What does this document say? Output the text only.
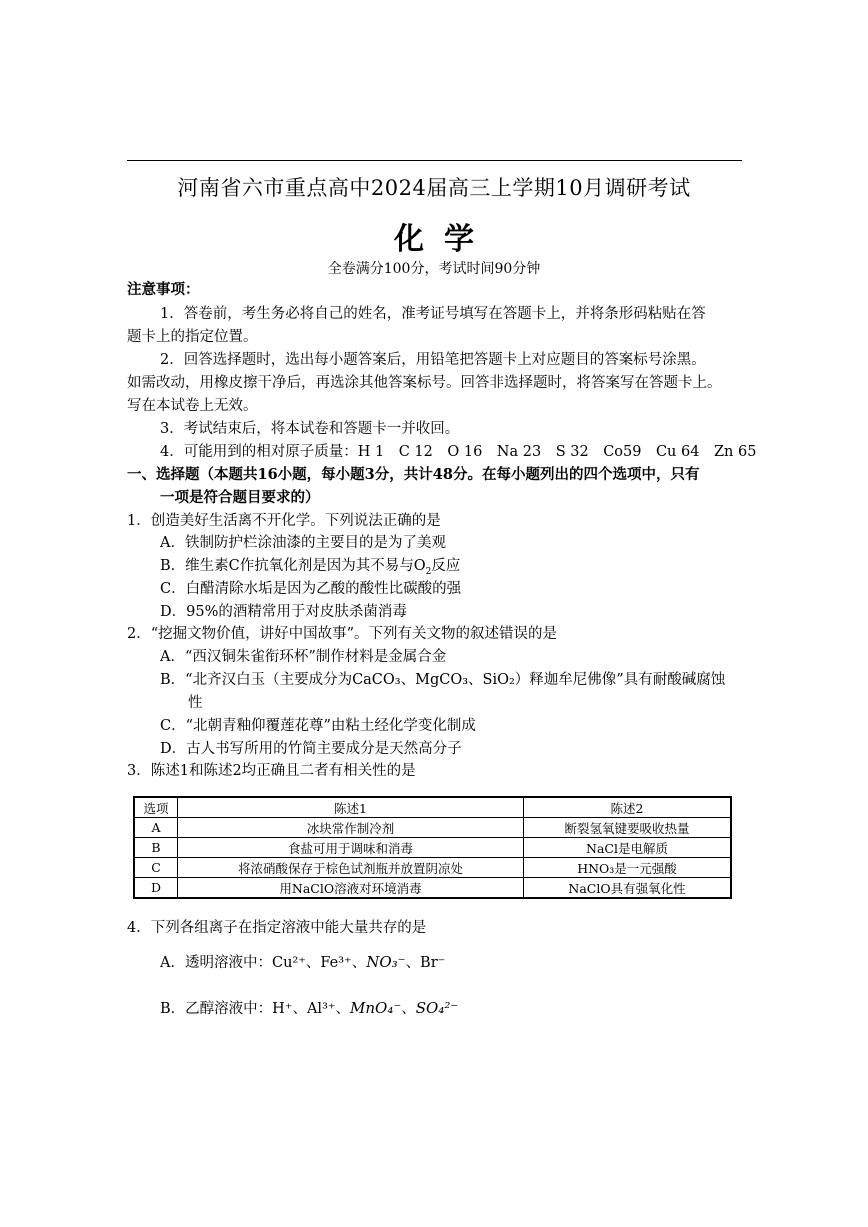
河南省六市重点高中2024届高三上学期10月调研考试
化学
全卷满分100分，考试时间90分钟
注意事项：
1．答卷前，考生务必将自己的姓名，准考证号填写在答题卡上，并将条形码粘贴在答
题卡上的指定位置。
2．回答选择题时，选出每小题答案后，用铅笔把答题卡上对应题目的答案标号涂黑。
如需改动，用橡皮擦干净后，再选涂其他答案标号。回答非选择题时，将答案写在答题卡上。
写在本试卷上无效。
3．考试结束后，将本试卷和答题卡一并收回。
4．可能用到的相对原子质量：H 1　C 12　O 16　Na 23　S 32　Co59　Cu 64　Zn 65
一、选择题（本题共16小题，每小题3分，共计48分。在每小题列出的四个选项中，只有
一项是符合题目要求的）
1．创造美好生活离不开化学。下列说法正确的是
A．铁制防护栏涂油漆的主要目的是为了美观
B．维生素C作抗氧化剂是因为其不易与$O_2$反应
C．白醋清除水垢是因为乙酸的酸性比碳酸的强
D．95%的酒精常用于对皮肤杀菌消毒
2．“挖掘文物价值，讲好中国故事”。下列有关文物的叙述错误的是
A．“西汉铜朱雀衔环杯”制作材料是金属合金
B．“北齐汉白玉（主要成分为CaCO₃、MgCO₃、SiO₂）释迦牟尼佛像”具有耐酸碱腐蚀
性
C．“北朝青釉仰覆莲花尊”由粘土经化学变化制成
D．古人书写所用的竹简主要成分是天然高分子
3．陈述1和陈述2均正确且二者有相关性的是
选项	陈述1	陈述2
A	冰块常作制冷剂	断裂氢氧键要吸收热量
B	食盐可用于调味和消毒	NaCl是电解质
C	将浓硝酸保存于棕色试剂瓶并放置阴凉处	HNO₃是一元强酸
D	用NaClO溶液对环境消毒	NaClO具有强氧化性
4．下列各组离子在指定溶液中能大量共存的是
A．透明溶液中：Cu²⁺、Fe³⁺、NO₃⁻、Br⁻
B．乙醇溶液中：H⁺、Al³⁺、MnO₄⁻、SO₄²⁻
